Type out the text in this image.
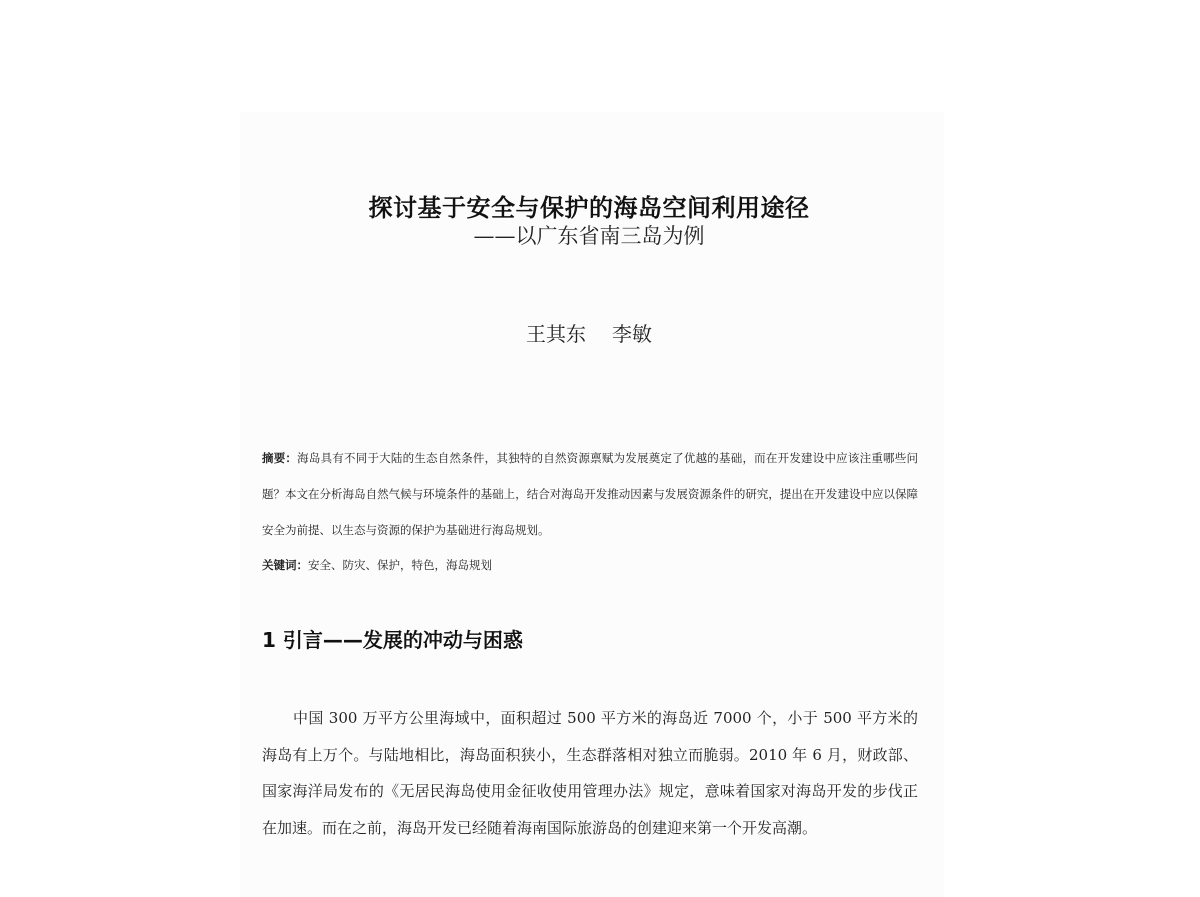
探讨基于安全与保护的海岛空间利用途径
——以广东省南三岛为例
王其东 李敏

摘要：海岛具有不同于大陆的生态自然条件，其独特的自然资源禀赋为发展奠定了优越的基础，而在开发建设中应该注重哪些问题？本文在分析海岛自然气候与环境条件的基础上，结合对海岛开发推动因素与发展资源条件的研究，提出在开发建设中应以保障安全为前提、以生态与资源的保护为基础进行海岛规划。

关键词：安全、防灾、保护，特色，海岛规划

1 引言——发展的冲动与困惑

中国 300 万平方公里海域中，面积超过 500 平方米的海岛近 7000 个，小于 500 平方米的海岛有上万个。与陆地相比，海岛面积狭小，生态群落相对独立而脆弱。2010 年 6 月，财政部、国家海洋局发布的《无居民海岛使用金征收使用管理办法》规定，意味着国家对海岛开发的步伐正在加速。而在之前，海岛开发已经随着海南国际旅游岛的创建迎来第一个开发高潮。
